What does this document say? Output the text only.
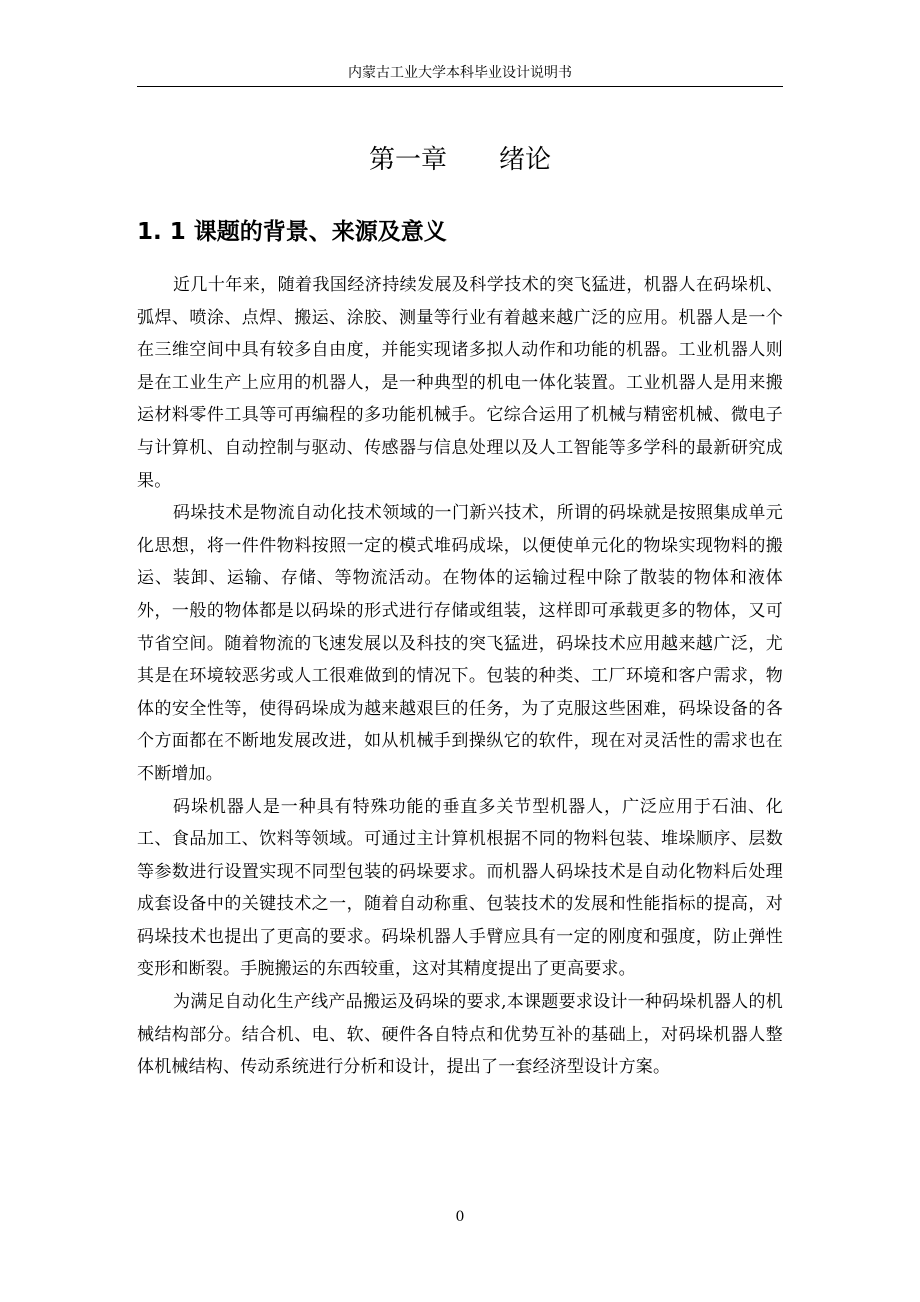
内蒙古工业大学本科毕业设计说明书
第一章 绪论
1. 1 课题的背景、来源及意义

近几十年来，随着我国经济持续发展及科学技术的突飞猛进，机器人在码垛机、弧焊、喷涂、点焊、搬运、涂胶、测量等行业有着越来越广泛的应用。机器人是一个在三维空间中具有较多自由度，并能实现诸多拟人动作和功能的机器。工业机器人则是在工业生产上应用的机器人，是一种典型的机电一体化装置。工业机器人是用来搬运材料零件工具等可再编程的多功能机械手。它综合运用了机械与精密机械、微电子与计算机、自动控制与驱动、传感器与信息处理以及人工智能等多学科的最新研究成果。

码垛技术是物流自动化技术领域的一门新兴技术，所谓的码垛就是按照集成单元化思想，将一件件物料按照一定的模式堆码成垛，以便使单元化的物垛实现物料的搬运、装卸、运输、存储、等物流活动。在物体的运输过程中除了散装的物体和液体外，一般的物体都是以码垛的形式进行存储或组装，这样即可承载更多的物体，又可节省空间。随着物流的飞速发展以及科技的突飞猛进，码垛技术应用越来越广泛，尤其是在环境较恶劣或人工很难做到的情况下。包装的种类、工厂环境和客户需求，物体的安全性等，使得码垛成为越来越艰巨的任务，为了克服这些困难，码垛设备的各个方面都在不断地发展改进，如从机械手到操纵它的软件，现在对灵活性的需求也在不断增加。

码垛机器人是一种具有特殊功能的垂直多关节型机器人，广泛应用于石油、化工、食品加工、饮料等领域。可通过主计算机根据不同的物料包装、堆垛顺序、层数等参数进行设置实现不同型包装的码垛要求。而机器人码垛技术是自动化物料后处理成套设备中的关键技术之一，随着自动称重、包装技术的发展和性能指标的提高，对码垛技术也提出了更高的要求。码垛机器人手臂应具有一定的刚度和强度，防止弹性变形和断裂。手腕搬运的东西较重，这对其精度提出了更高要求。

为满足自动化生产线产品搬运及码垛的要求,本课题要求设计一种码垛机器人的机械结构部分。结合机、电、软、硬件各自特点和优势互补的基础上，对码垛机器人整体机械结构、传动系统进行分析和设计，提出了一套经济型设计方案。

0
